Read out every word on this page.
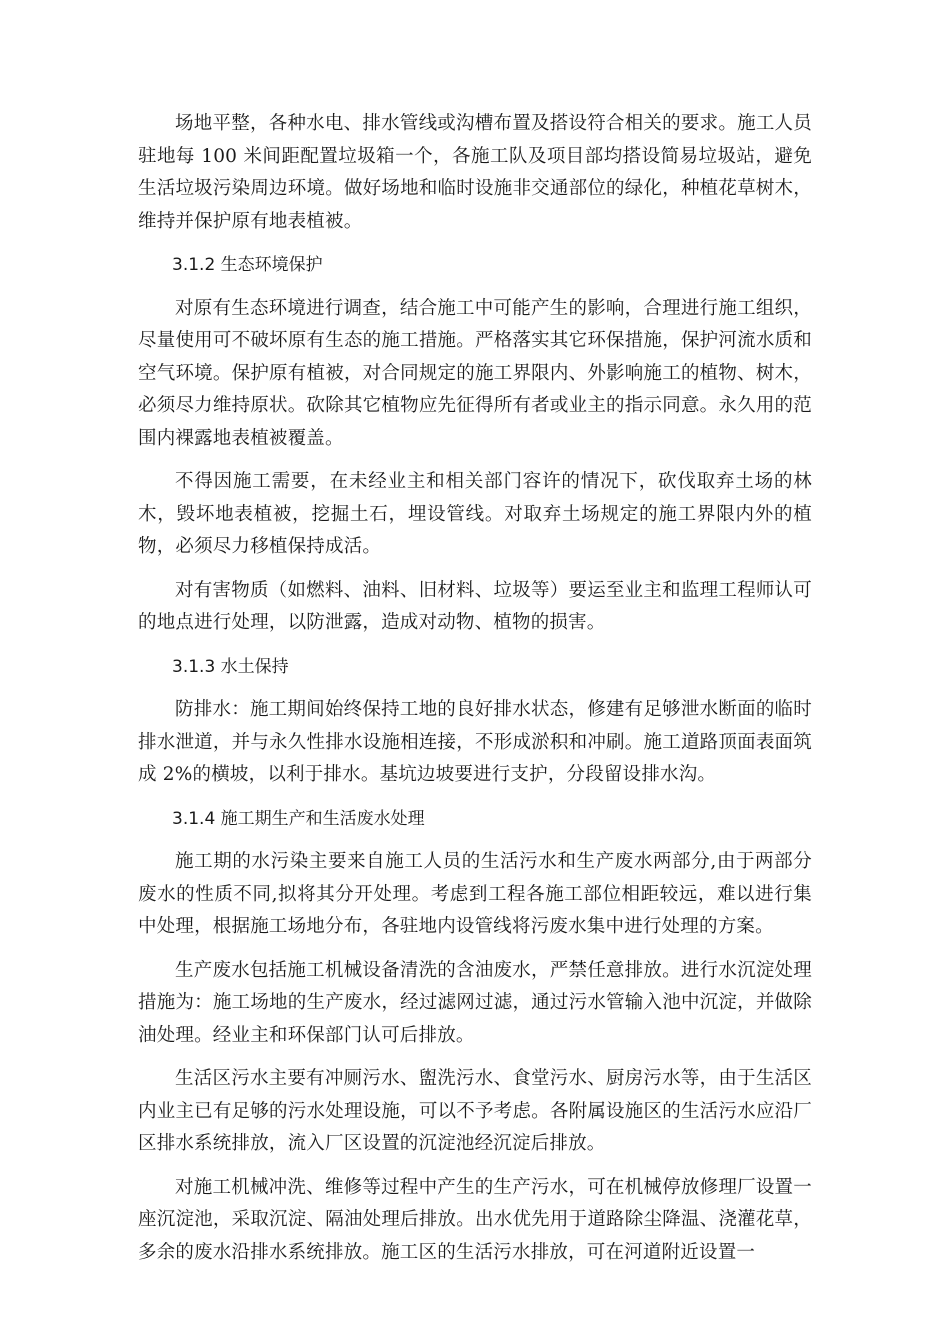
场地平整，各种水电、排水管线或沟槽布置及搭设符合相关的要求。施工人员驻地每 100 米间距配置垃圾箱一个，各施工队及项目部均搭设简易垃圾站，避免生活垃圾污染周边环境。做好场地和临时设施非交通部位的绿化，种植花草树木，维持并保护原有地表植被。

3.1.2 生态环境保护

对原有生态环境进行调查，结合施工中可能产生的影响，合理进行施工组织，尽量使用可不破坏原有生态的施工措施。严格落实其它环保措施，保护河流水质和空气环境。保护原有植被，对合同规定的施工界限内、外影响施工的植物、树木，必须尽力维持原状。砍除其它植物应先征得所有者或业主的指示同意。永久用的范围内裸露地表植被覆盖。

不得因施工需要，在未经业主和相关部门容许的情况下，砍伐取弃土场的林木，毁坏地表植被，挖掘土石，埋设管线。对取弃土场规定的施工界限内外的植物，必须尽力移植保持成活。

对有害物质（如燃料、油料、旧材料、垃圾等）要运至业主和监理工程师认可的地点进行处理，以防泄露，造成对动物、植物的损害。

3.1.3 水土保持

防排水：施工期间始终保持工地的良好排水状态，修建有足够泄水断面的临时排水泄道，并与永久性排水设施相连接，不形成淤积和冲刷。施工道路顶面表面筑成 2%的横坡，以利于排水。基坑边坡要进行支护，分段留设排水沟。

3.1.4 施工期生产和生活废水处理

施工期的水污染主要来自施工人员的生活污水和生产废水两部分,由于两部分废水的性质不同,拟将其分开处理。考虑到工程各施工部位相距较远，难以进行集中处理，根据施工场地分布，各驻地内设管线将污废水集中进行处理的方案。

生产废水包括施工机械设备清洗的含油废水，严禁任意排放。进行水沉淀处理措施为：施工场地的生产废水，经过滤网过滤，通过污水管输入池中沉淀，并做除油处理。经业主和环保部门认可后排放。

生活区污水主要有冲厕污水、盥洗污水、食堂污水、厨房污水等，由于生活区内业主已有足够的污水处理设施，可以不予考虑。各附属设施区的生活污水应沿厂区排水系统排放，流入厂区设置的沉淀池经沉淀后排放。

对施工机械冲洗、维修等过程中产生的生产污水，可在机械停放修理厂设置一座沉淀池，采取沉淀、隔油处理后排放。出水优先用于道路除尘降温、浇灌花草，多余的废水沿排水系统排放。施工区的生活污水排放，可在河道附近设置一
